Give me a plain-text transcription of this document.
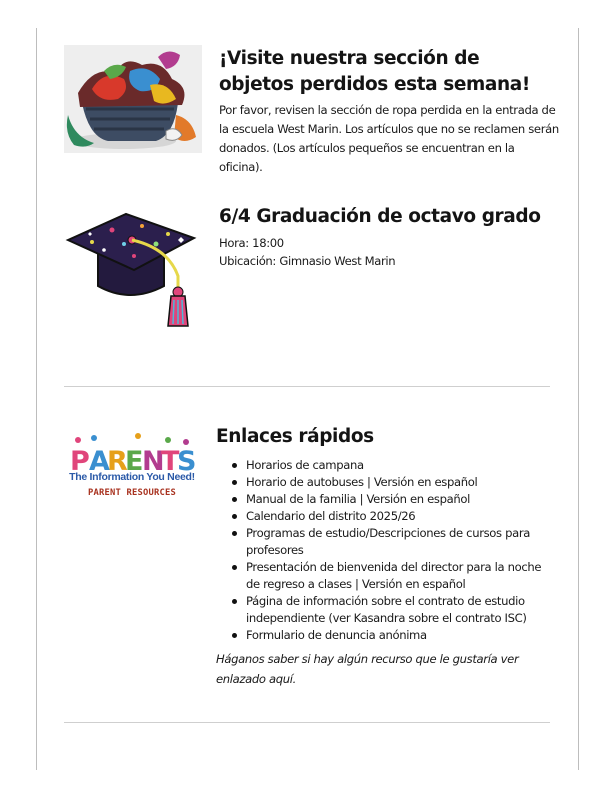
¡Visite nuestra sección de objetos perdidos esta semana!
Por favor, revisen la sección de ropa perdida en la entrada de la escuela West Marin. Los artículos que no se reclamen serán donados. (Los artículos pequeños se encuentran en la oficina).
6/4 Graduación de octavo grado
Hora: 18:00
Ubicación: Gimnasio West Marin
P A
R
E
N
T
S
The Information You Need!
PARENT RESOURCES
Enlaces rápidos
Horarios de campana
Horario de autobuses | Versión en español
Manual de la familia | Versión en español
Calendario del distrito 2025/26
Programas de estudio/Descripciones de cursos para profesores
Presentación de bienvenida del director para la noche de regreso a clases | Versión en español
Página de información sobre el contrato de estudio independiente (ver Kasandra sobre el contrato ISC)
Formulario de denuncia anónima
Háganos saber si hay algún recurso que le gustaría ver enlazado aquí.
